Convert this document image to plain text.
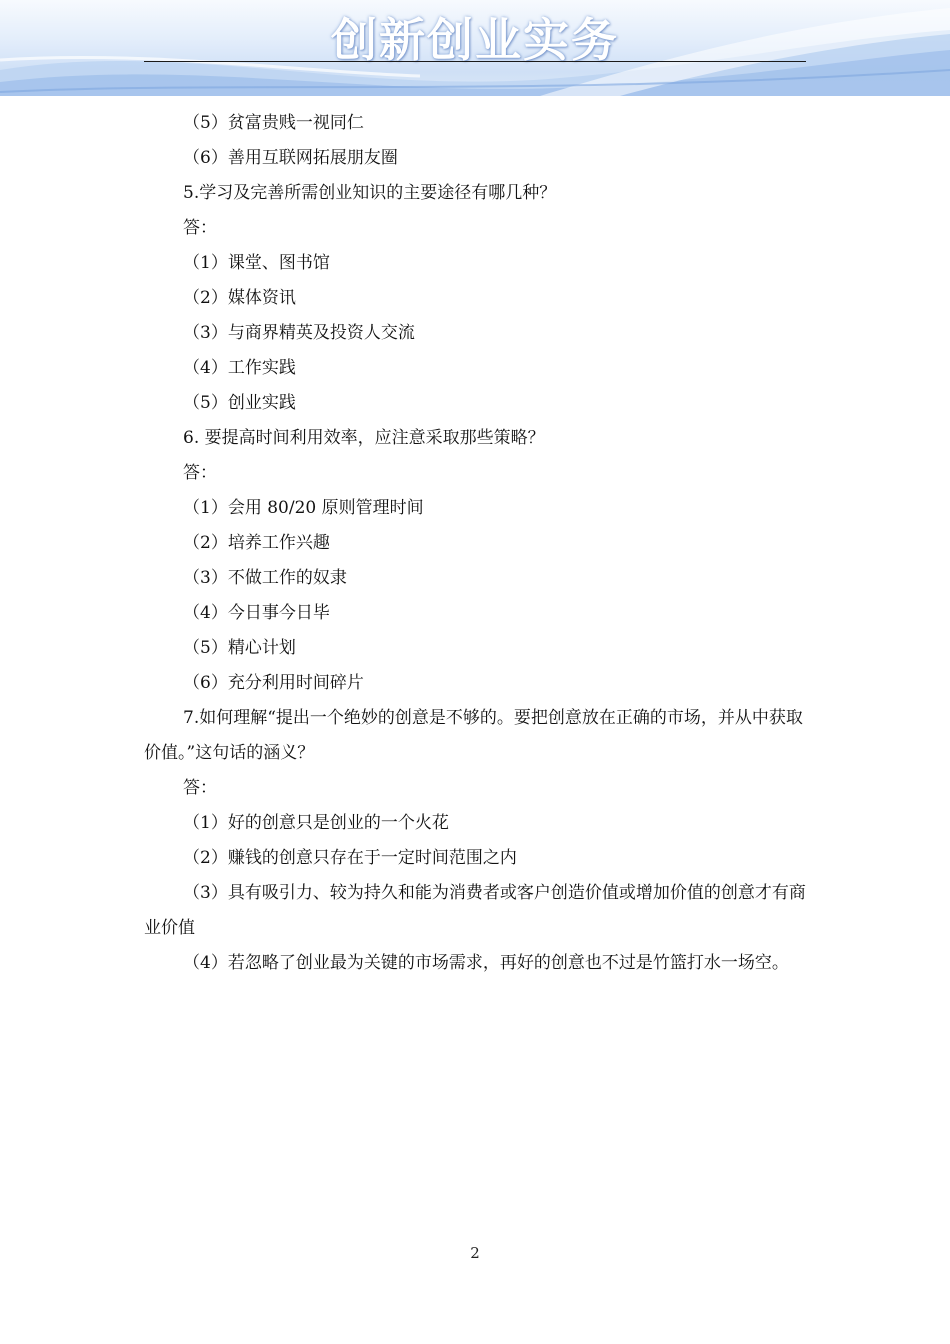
创新创业实务
（5）贫富贵贱一视同仁
（6）善用互联网拓展朋友圈
5.学习及完善所需创业知识的主要途径有哪几种？
答：
（1）课堂、图书馆
（2）媒体资讯
（3）与商界精英及投资人交流
（4）工作实践
（5）创业实践
6. 要提高时间利用效率，应注意采取那些策略？
答：
（1）会用 80/20 原则管理时间
（2）培养工作兴趣
（3）不做工作的奴隶
（4）今日事今日毕
（5）精心计划
（6）充分利用时间碎片
7.如何理解“提出一个绝妙的创意是不够的。要把创意放在正确的市场，并从中获取价值。”这句话的涵义？
答：
（1）好的创意只是创业的一个火花
（2）赚钱的创意只存在于一定时间范围之内
（3）具有吸引力、较为持久和能为消费者或客户创造价值或增加价值的创意才有商业价值
（4）若忽略了创业最为关键的市场需求，再好的创意也不过是竹篮打水一场空。
2
